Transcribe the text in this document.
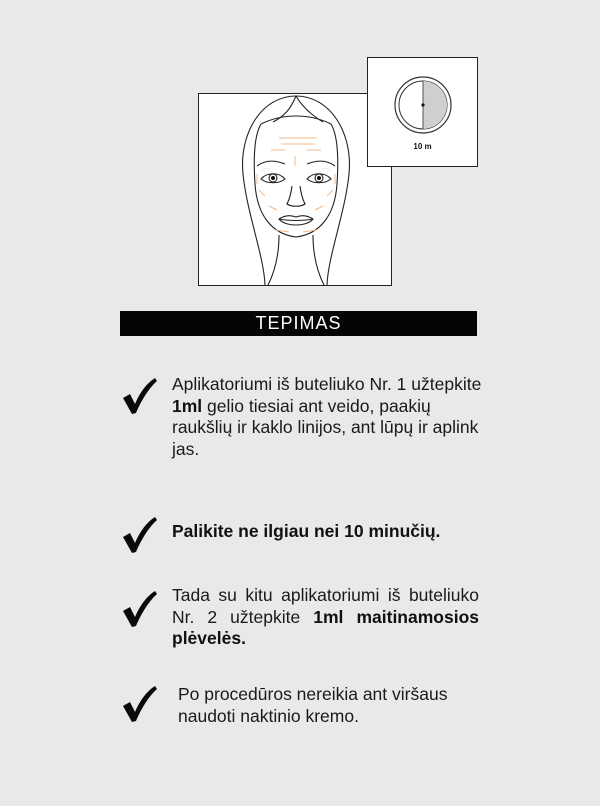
10 m
TEPIMAS
Aplikatoriumi iš buteliuko Nr. 1 užtepkite 1ml gelio tiesiai ant veido, paakių raukšlių ir kaklo linijos, ant lūpų ir aplink jas.
Palikite ne ilgiau nei 10 minučių.
Tada su kitu aplikatoriumi iš buteliuko Nr. 2 užtepkite 1ml maitinamosios plėvelės.
Po procedūros nereikia ant viršaus naudoti naktinio kremo.
